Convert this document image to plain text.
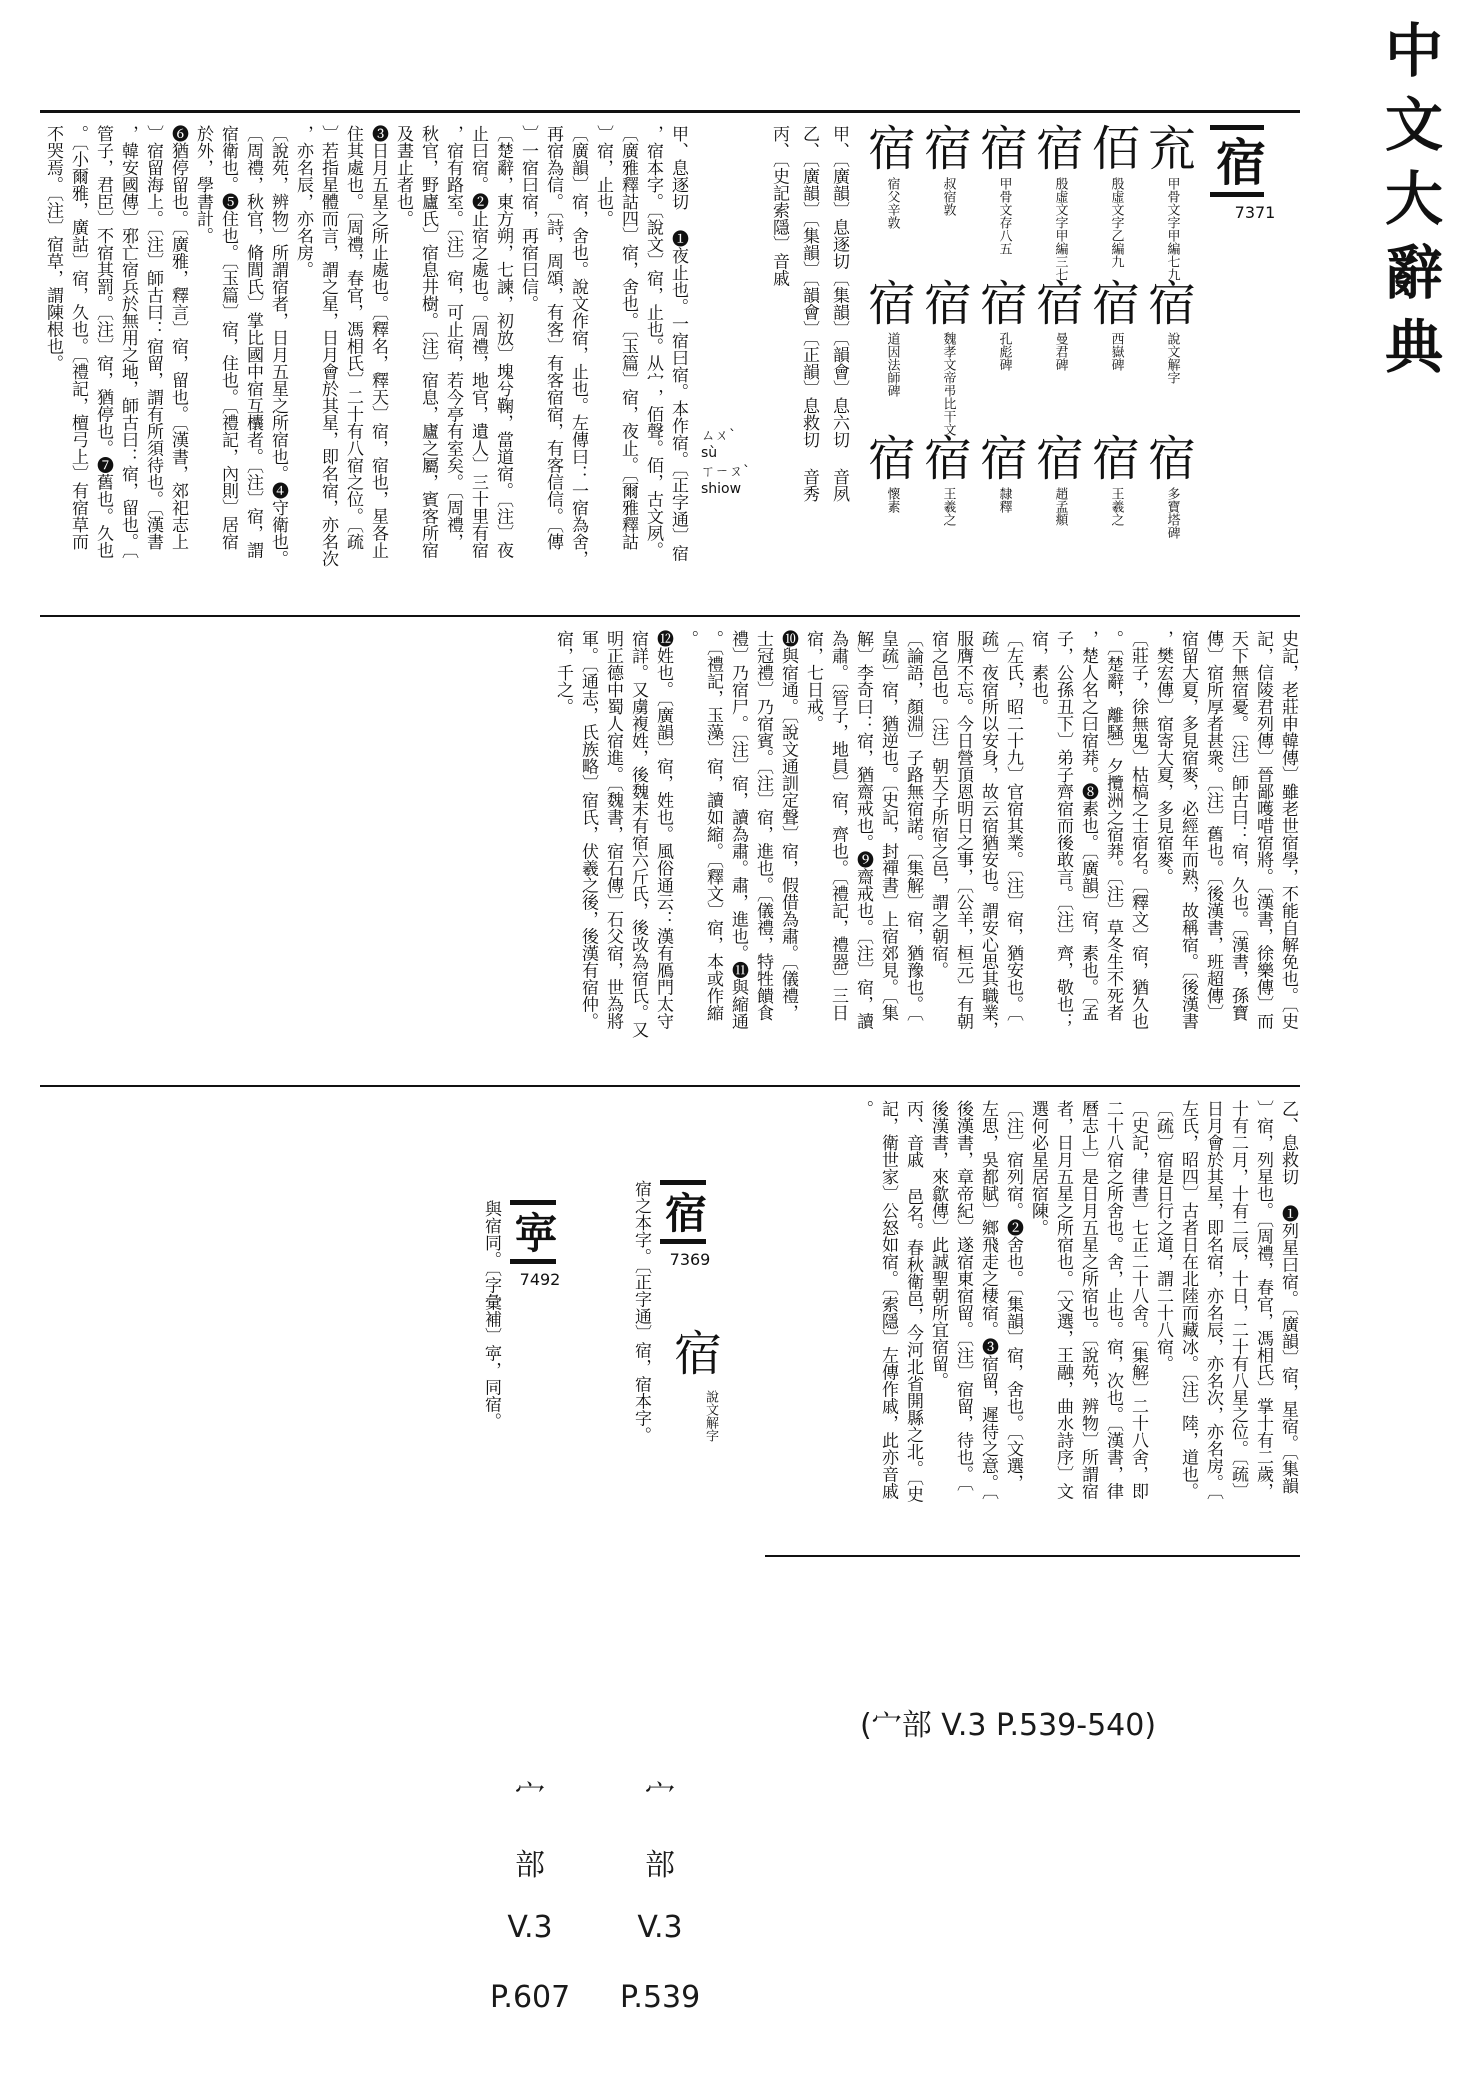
中文大辭典
宿
7371
㐬
甲骨文字甲編七九
佰
殷虛文字乙編九
宿
殷虛文字甲編三七
宿
甲骨文存八五
宿
叔宿敦
宿
宿父辛敦
宿
說文解字
宿
西嶽碑
宿
曼君碑
宿
孔彪碑
宿
魏孝文帝弔比干文
宿
道因法師碑
宿
多寶塔碑
宿
王羲之
宿
趙孟頫
宿
隸釋
宿
王羲之
宿
懷素
甲、〔廣韻〕息逐切〔集韻〕〔韻會〕息六切 音夙
乙、〔廣韻〕〔集韻〕〔韻會〕〔正韻〕息救切 音秀
丙、〔史記索隱〕音戚
ㄙㄨˋ
sù
ㄒㄧㄡˋ
shiow
甲、息逐切 ❶夜止也。一宿曰宿。本作宿。〔正字通〕宿
，宿本字。〔說文〕宿，止也。从宀，佰聲。佰，古文夙。
〔廣雅釋詁四〕宿，舍也。〔玉篇〕宿，夜止。〔爾雅釋詁
〕宿，止也。
〔廣韻〕宿，舍也。說文作宿，止也。左傳曰：一宿為舍，
再宿為信。〔詩，周頌，有客〕有客宿宿，有客信信。〔傳
〕一宿曰宿，再宿曰信。
〔楚辭，東方朔，七諫，初放〕塊兮鞠，當道宿。〔注〕夜
止曰宿。❷止宿之處也。〔周禮，地官，遺人〕三十里有宿
，宿有路室。〔注〕宿，可止宿，若今亭有室矣。〔周禮，
秋官，野廬氏〕宿息井樹。〔注〕宿息，廬之屬，賓客所宿
及晝止者也。
❸日月五星之所止處也。〔釋名，釋天〕宿，宿也，星各止
住其處也。〔周禮，春官，馮相氏〕二十有八宿之位。〔疏
〕若指星體而言，謂之星，日月會於其星，即名宿，亦名次
，亦名辰，亦名房。
〔說苑，辨物〕所謂宿者，日月五星之所宿也。❹守衛也。
〔周禮，秋官，脩閭氏〕掌比國中宿互欜者。〔注〕宿，謂
宿衛也。❺住也。〔玉篇〕宿，住也。〔禮記，內則〕居宿
於外，學書計。
❻猶停留也。〔廣雅，釋言〕宿，留也。〔漢書，郊祀志上
〕宿留海上。〔注〕師古曰：宿留，謂有所須待也。〔漢書
，韓安國傳〕邪亡宿兵於無用之地，師古曰：宿，留也。〔
管子，君臣〕不宿其罰。〔注〕宿，猶停也。❼舊也。久也
。〔小爾雅，廣詁〕宿，久也。〔禮記，檀弓上〕有宿草而
不哭焉。〔注〕宿草，謂陳根也。
史記，老莊申韓傳〕雖老世宿學，不能自解免也。〔史
記，信陵君列傳〕晉鄙嚄唶宿將。〔漢書，徐樂傳〕而
天下無宿憂。〔注〕師古曰：宿，久也。〔漢書，孫寶
傳〕宿所厚者甚衆。〔注〕舊也。〔後漢書，班超傳〕
宿留大夏，多見宿麥，必經年而熟，故稱宿。〔後漢書
，樊宏傳〕宿寄大夏，多見宿麥。
〔莊子，徐無鬼〕枯槁之士宿名。〔釋文〕宿，猶久也
。〔楚辭，離騷〕夕攬洲之宿莽。〔注〕草冬生不死者
，楚人名之曰宿莽。❽素也。〔廣韻〕宿，素也。〔孟
子，公孫丑下〕弟子齊宿而後敢言。〔注〕齊，敬也；
宿，素也。
〔左氏，昭二十九〕官宿其業。〔注〕宿，猶安也。〔
疏〕夜宿所以安身，故云宿猶安也。謂安心思其職業，
服膺不忘。今日營頂恩明日之事，〔公羊，桓元〕有朝
宿之邑也。〔注〕朝天子所宿之邑，謂之朝宿。
〔論語，顏淵〕子路無宿諾。〔集解〕宿，猶豫也。〔
皇疏〕宿，猶逆也。〔史記，封禪書〕上宿郊見。〔集
解〕李奇曰：宿，猶齋戒也。❾齋戒也。〔注〕宿，讀
為肅。〔管子，地員〕宿，齊也。〔禮記，禮器〕三日
宿，七日戒。
❿與宿通。〔說文通訓定聲〕宿，假借為肅。〔儀禮，
士冠禮〕乃宿賓。〔注〕宿，進也。〔儀禮，特牲饋食
禮〕乃宿尸。〔注〕宿，讀為肅。肅，進也。⓫與縮通
。〔禮記，玉藻〕宿，讀如縮。〔釋文〕宿，本或作縮
。
⓬姓也。〔廣韻〕宿，姓也。風俗通云：漢有鴈門太守
宿詳。又虜複姓，後魏末有宿六斤氏，後改為宿氏。又
明正德中蜀人宿進。〔魏書，宿石傳〕石父宿，世為將
軍。〔通志，氏族略〕宿氏，伏羲之後，後漢有宿仲。
宿，千之。
乙、息救切 ❶列星曰宿。〔廣韻〕宿，星宿。〔集韻
〕宿，列星也。〔周禮，春官，馮相氏〕掌十有二歲，
十有二月，十有二辰，十日，二十有八星之位。〔疏〕
日月會於其星，即名宿，亦名辰，亦名次，亦名房。〔
左氏，昭四〕古者日在北陸而藏冰。〔注〕陸，道也。
〔疏〕宿是日行之道，謂二十八宿。
〔史記，律書〕七正二十八舍。〔集解〕二十八舍，即
二十八宿之所舍也。舍，止也。宿，次也。〔漢書，律
曆志上〕是日月五星之所宿也。〔說苑，辨物〕所謂宿
者，日月五星之所宿也。〔文選，王融，曲水詩序〕文
選何必星居宿陳。
〔注〕宿列宿。❷舍也。〔集韻〕宿，舍也。〔文選，
左思，吳都賦〕鄉飛走之棲宿。❸宿留，遲待之意。〔
後漢書，章帝紀〕遂宿東宿留。〔注〕宿留，待也。〔
後漢書，來歙傳〕此誠聖朝所宜宿留。
丙、音戚 邑名。春秋衛邑，今河北省開縣之北。〔史
記，衛世家〕公怒如宿。〔索隱〕左傳作戚，此亦音戚
。
宿
7369
宿
說文解字
宿之本字。〔正字通〕宿，宿本字。
𡨴
7492
與宿同。〔字彙補〕𡨴，同宿。
(宀部 V.3 P.539-540)
宀
部
V.3
P.607
宀
部
V.3
P.539
